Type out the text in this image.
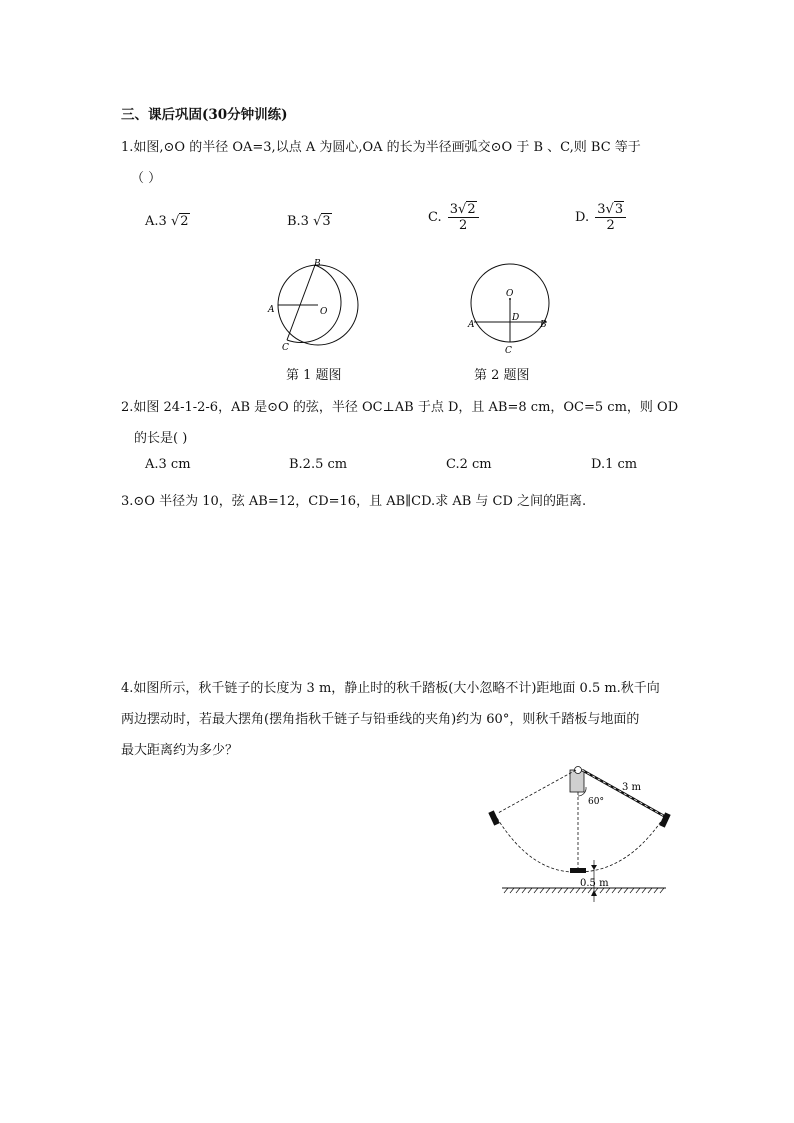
三、课后巩固(30分钟训练)
1.如图,⊙O 的半径 OA=3,以点 A 为圆心,OA 的长为半径画弧交⊙O 于 B 、C,则 BC 等于
（ ）
A.3 √2	B.3 √3	C. $\frac{3√2}{2}$	D. $\frac{3√3}{2}$
B
A	O
C
第 1 题图
O
D
A	B
C
第 2 题图
2.如图 24-1-2-6，AB 是⊙O 的弦，半径 OC⊥AB 于点 D，且 AB=8 cm，OC=5 cm，则 OD
的长是( )
A.3 cm	B.2.5 cm	C.2 cm	D.1 cm
3.⊙O 半径为 10，弦 AB=12，CD=16，且 AB∥CD.求 AB 与 CD 之间的距离.
4.如图所示，秋千链子的长度为 3 m，静止时的秋千踏板(大小忽略不计)距地面 0.5 m.秋千向
两边摆动时，若最大摆角(摆角指秋千链子与铅垂线的夹角)约为 60°，则秋千踏板与地面的
最大距离约为多少？
3 m
60°
0.5 m
